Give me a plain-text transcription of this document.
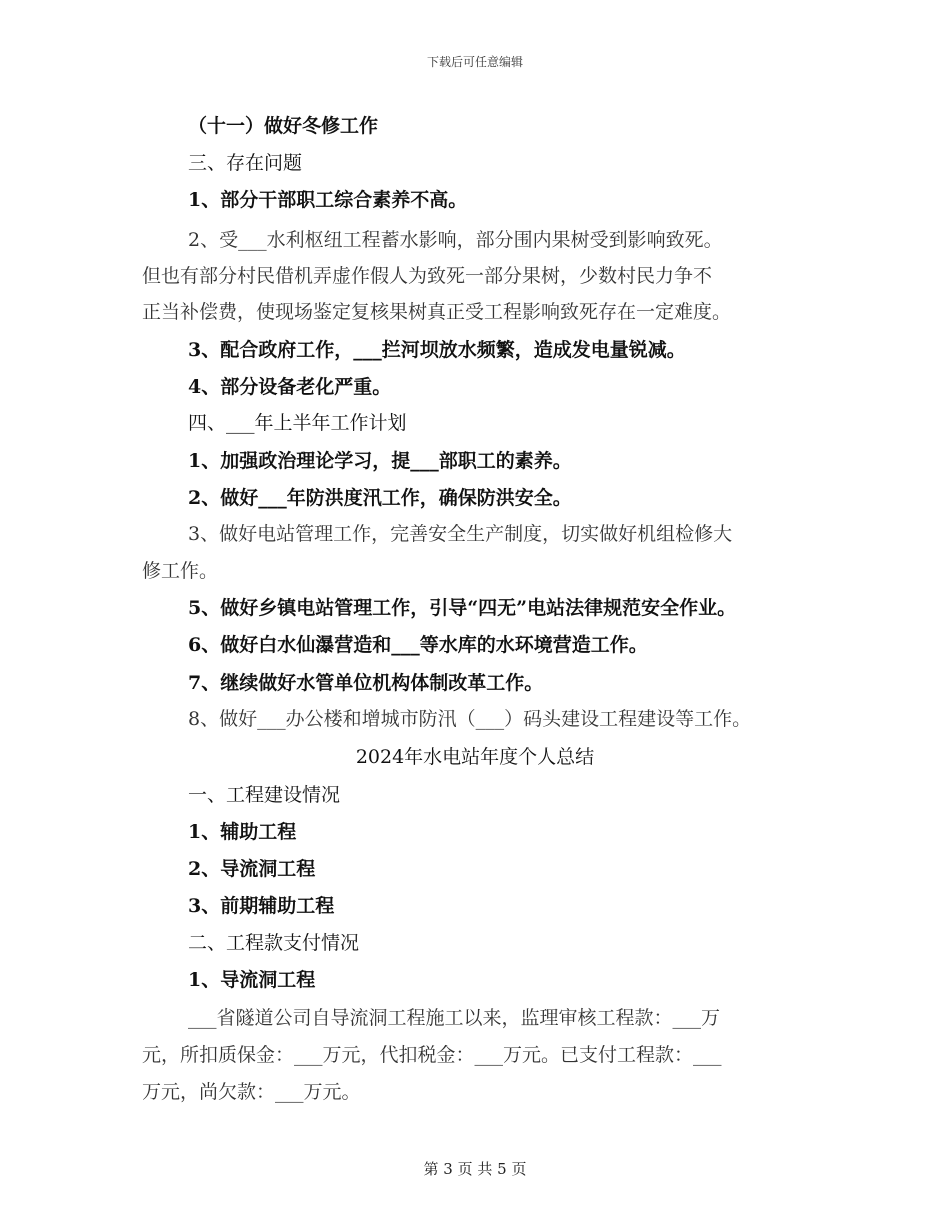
下载后可任意编辑
（十一）做好冬修工作
三、存在问题
1、部分干部职工综合素养不高。
2、受___水利枢纽工程蓄水影响，部分围内果树受到影响致死。
但也有部分村民借机弄虚作假人为致死一部分果树，少数村民力争不
正当补偿费，使现场鉴定复核果树真正受工程影响致死存在一定难度。
3、配合政府工作，___拦河坝放水频繁，造成发电量锐减。
4、部分设备老化严重。
四、___年上半年工作计划
1、加强政治理论学习，提___部职工的素养。
2、做好___年防洪度汛工作，确保防洪安全。
3、做好电站管理工作，完善安全生产制度，切实做好机组检修大
修工作。
5、做好乡镇电站管理工作，引导“四无”电站法律规范安全作业。
6、做好白水仙瀑营造和___等水库的水环境营造工作。
7、继续做好水管单位机构体制改革工作。
8、做好___办公楼和增城市防汛（___）码头建设工程建设等工作。
2024年水电站年度个人总结
一、工程建设情况
1、辅助工程
2、导流洞工程
3、前期辅助工程
二、工程款支付情况
1、导流洞工程
___省隧道公司自导流洞工程施工以来，监理审核工程款：___万
元，所扣质保金：___万元，代扣税金：___万元。已支付工程款：___
万元，尚欠款：___万元。
第 3 页 共 5 页
